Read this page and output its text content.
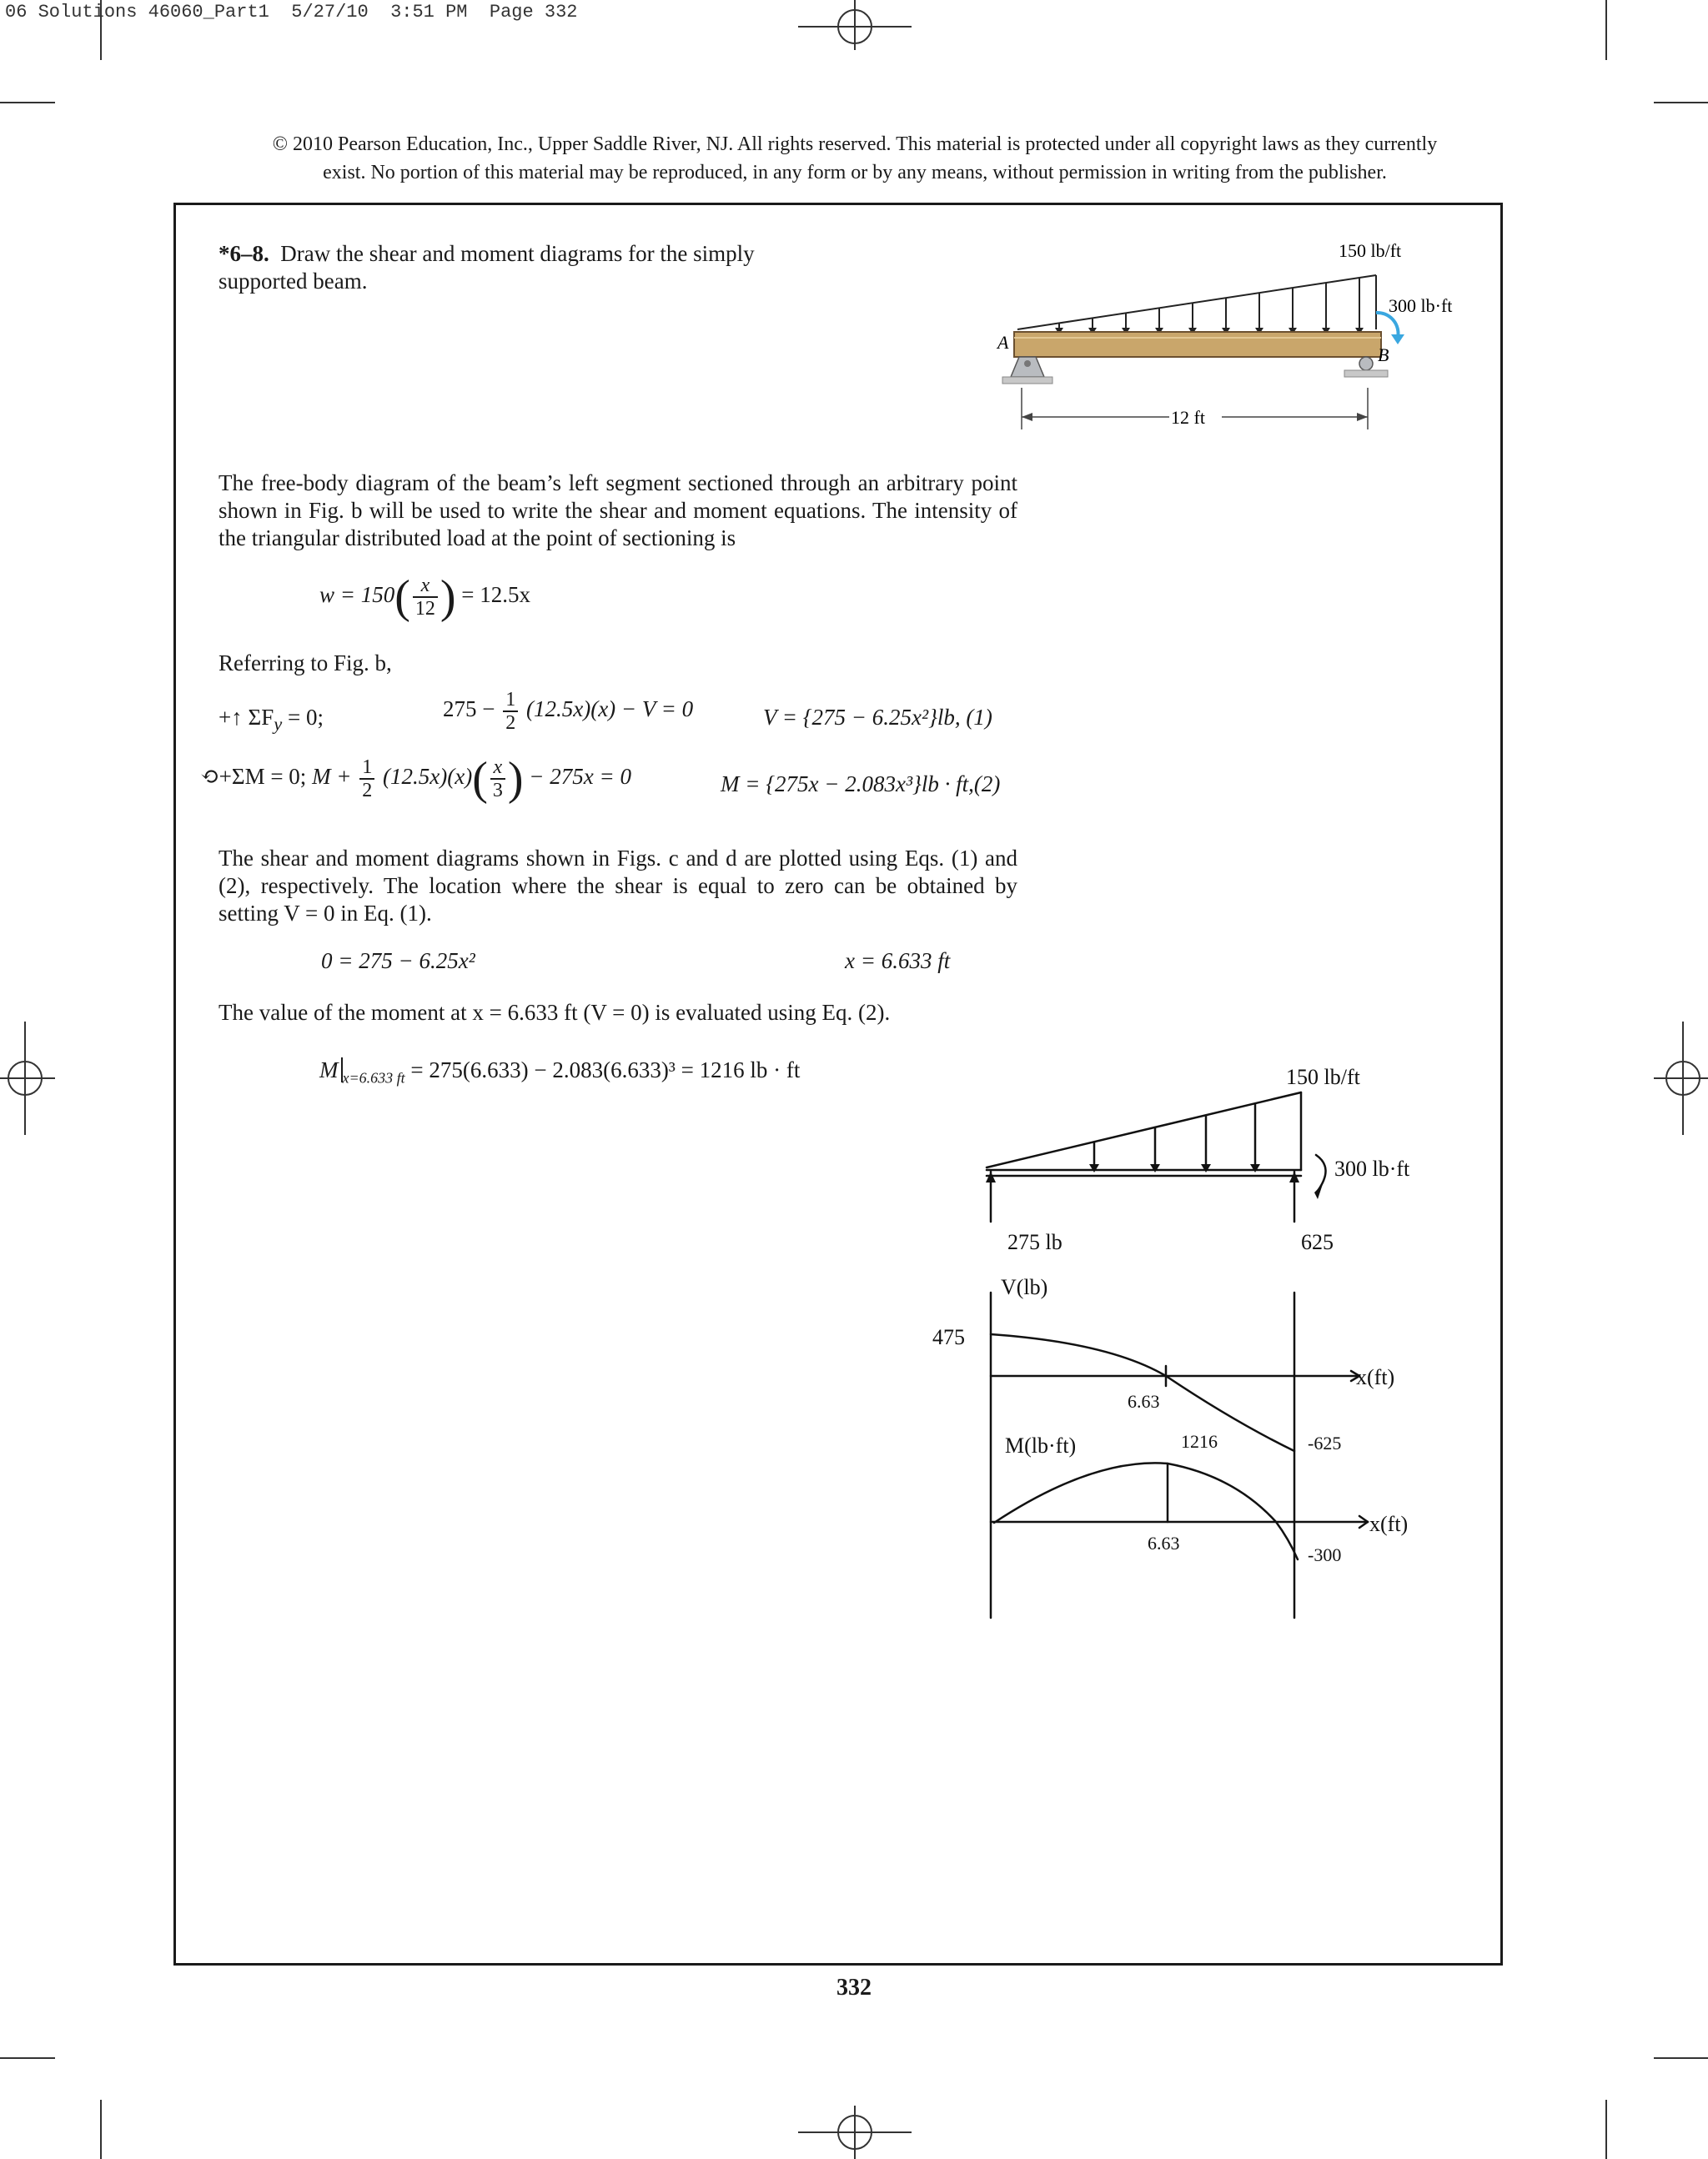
06 Solutions 46060_Part1  5/27/10  3:51 PM  Page 332
© 2010 Pearson Education, Inc., Upper Saddle River, NJ. All rights reserved. This material is protected under all copyright laws as they currently
exist. No portion of this material may be reproduced, in any form or by any means, without permission in writing from the publisher.
*6–8. Draw the shear and moment diagrams for the simply supported beam.
150 lb/ft
300 lb·ft
A
B
12 ft
The free-body diagram of the beam’s left segment sectioned through an arbitrary point shown in Fig. b will be used to write the shear and moment equations. The intensity of the triangular distributed load at the point of sectioning is
$w = 150( \frac{x}{12}$ ) = 12.5x
Referring to Fig. b,
+↑ $\Sigma F_y = 0$;	$275 - \frac{1}{2} (12.5x)(x) - V = 0$	V = {275 − 6.25x²}lb, (1)
⟲+ΣM = 0; $M + \frac{1}{2} (12.5x)(x)( \frac{x}{3}$ ) − 275x = 0	M = {275x − 2.083x³}lb · ft,(2)
The shear and moment diagrams shown in Figs. c and d are plotted using Eqs. (1) and (2), respectively. The location where the shear is equal to zero can be obtained by setting V = 0 in Eq. (1).
0 = 275 − 6.25x²	x = 6.633 ft
The value of the moment at x = 6.633 ft (V = 0) is evaluated using Eq. (2).
M $_{x=6.633 ft}$ = 275(6.633) − 2.083(6.633)³ = 1216 lb · ft	150 lb/ft
300 lb·ft
275 lb	625
V(lb)
475
6.63
-625
x(ft)
M(lb·ft)	1216
6.63
-300
x(ft)
332
